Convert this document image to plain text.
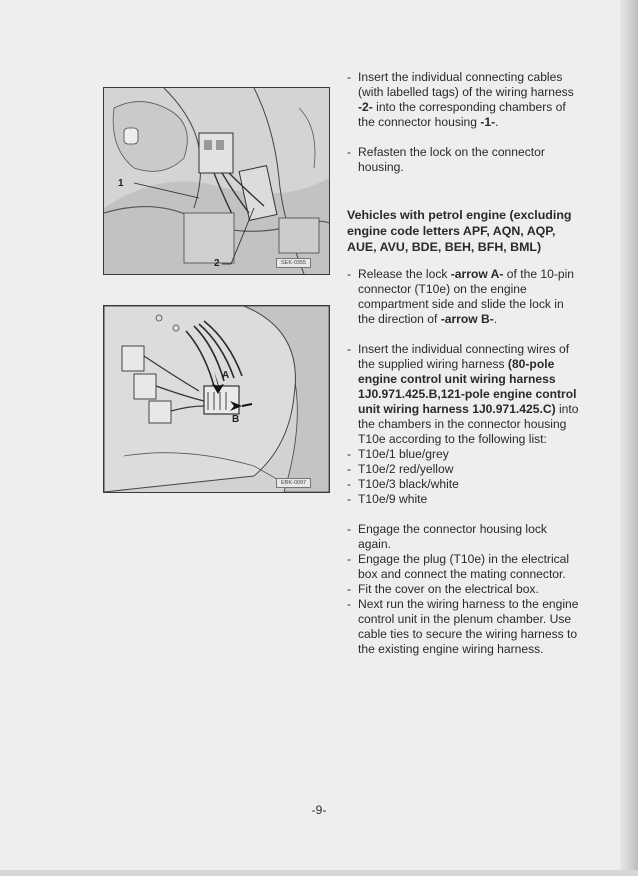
1
2	SEK-0355
A
B
EBK-0097

- Insert the individual connecting cables (with labelled tags) of the wiring harness -2- into the corresponding chambers of the connector housing -1-.

- Refasten the lock on the connector housing.

Vehicles with petrol engine (excluding engine code letters APF, AQN, AQP, AUE, AVU, BDE, BEH, BFH, BML)

- Release the lock -arrow A- of the 10-pin connector (T10e) on the engine compartment side and slide the lock in the direction of -arrow B-.

- Insert the individual connecting wires of the supplied wiring harness (80-pole engine control unit wiring harness 1J0.971.425.B,121-pole engine control unit wiring harness 1J0.971.425.C) into the chambers in the connector housing T10e according to the following list:

- T10e/1 blue/grey

- T10e/2 red/yellow

- T10e/3 black/white

- T10e/9 white

- Engage the connector housing lock again.

- Engage the plug (T10e) in the electrical box and connect the mating connector.

- Fit the cover on the electrical box.

- Next run the wiring harness to the engine control unit in the plenum chamber. Use cable ties to secure the wiring harness to the existing engine wiring harness.

-9-
